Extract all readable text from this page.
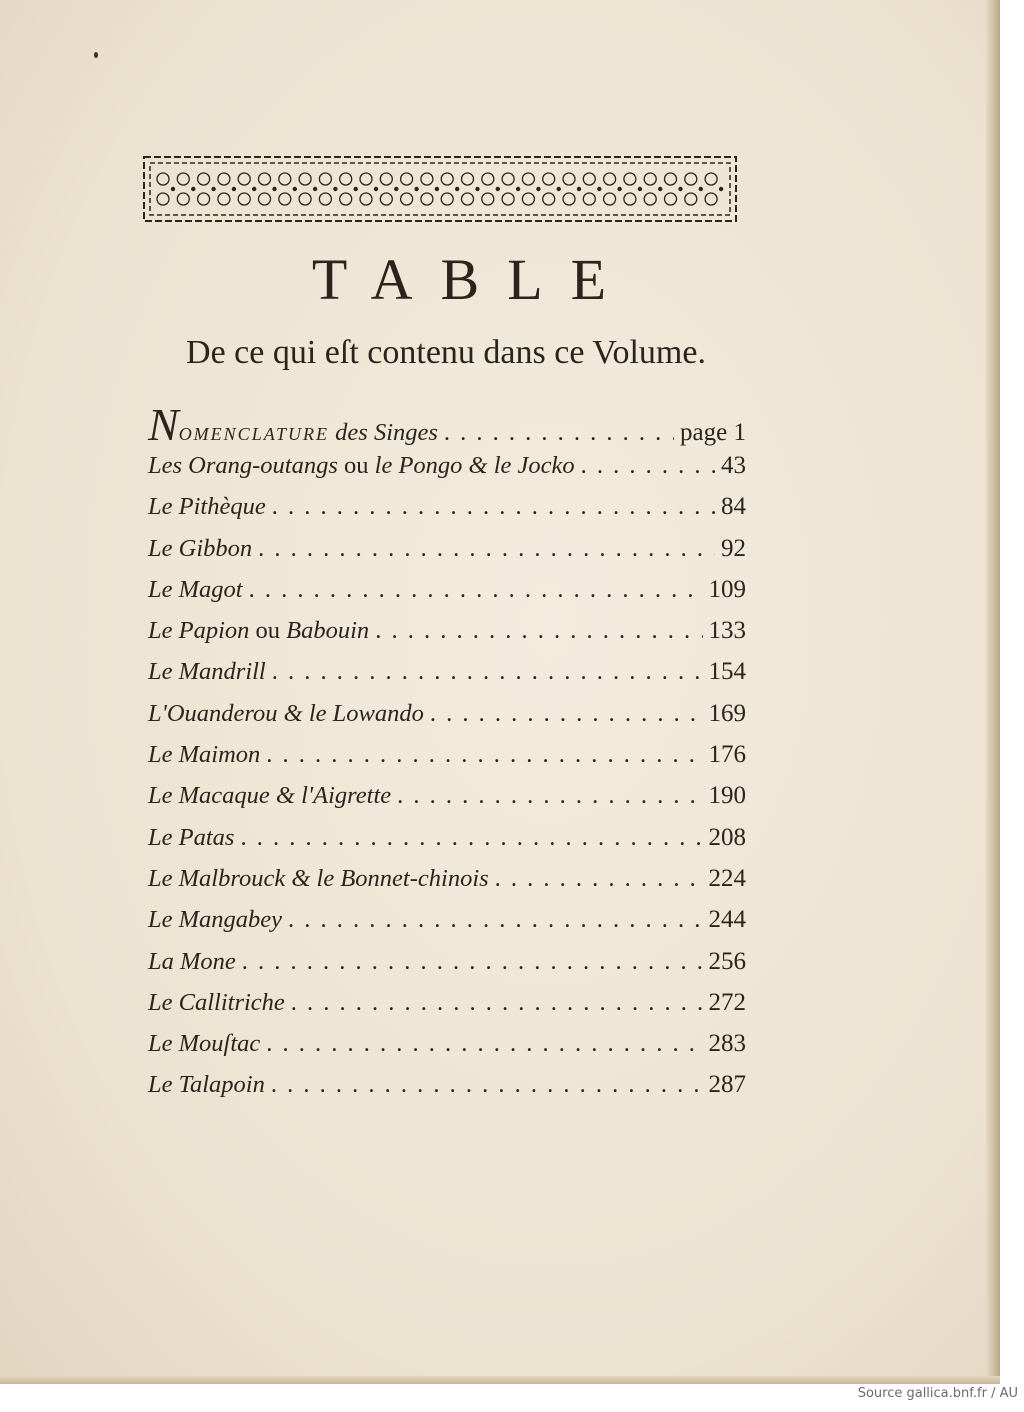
TABLE
De ce qui eſt contenu dans ce Volume.
NOMENCLATURE des Singes . . .	page 1
Les Orang-outangs ou le Pongo & le Jocko . . .	43
Le Pithèque . . .	84
Le Gibbon . . .	92
Le Magot . . .	109
Le Papion ou Babouin . . .	133
Le Mandrill . . .	154
L'Ouanderou & le Lowando . . .	169
Le Maimon . . .	176
Le Macaque & l'Aigrette . . .	190
Le Patas . . .	208
Le Malbrouck & le Bonnet-chinois . . .	224
Le Mangabey . . .	244
La Mone . . .	256
Le Callitriche . . .	272
Le Mouſtac . . .	283
Le Talapoin . . .	287
Source gallica.bnf.fr / AU
